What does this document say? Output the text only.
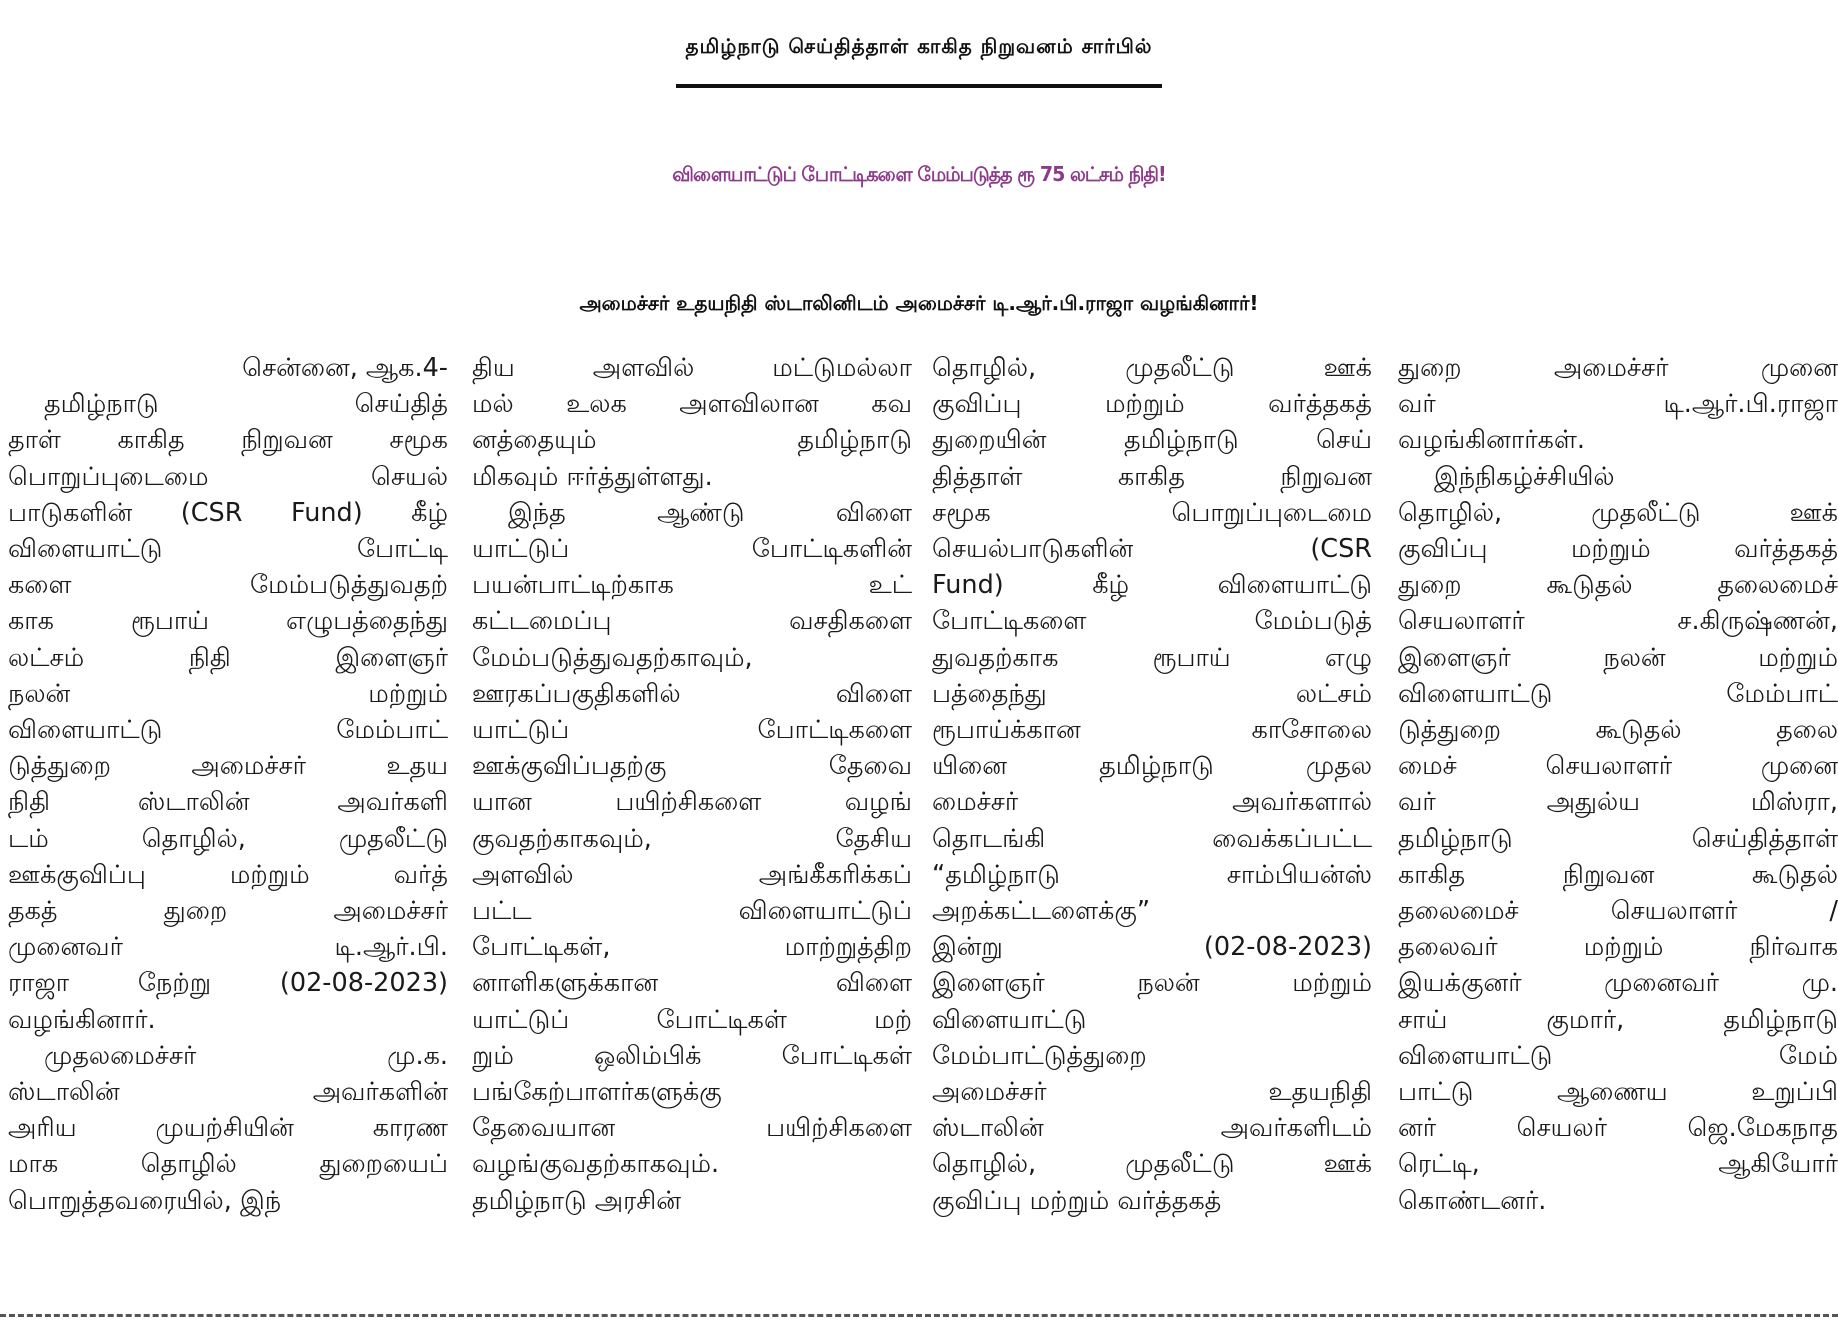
தமிழ்நாடு செய்தித்தாள் காகித நிறுவனம் சார்பில்
விளையாட்டுப் போட்டிகளை மேம்படுத்த ரூ 75 லட்சம் நிதி!
அமைச்சர் உதயநிதி ஸ்டாலினிடம் அமைச்சர் டி.ஆர்.பி.ராஜா வழங்கினார்!

சென்னை, ஆக.4-

தமிழ்நாடு செய்தித்

தாள் காகித நிறுவன சமூக

பொறுப்புடைமை செயல்

பாடுகளின் (CSR Fund) கீழ்

விளையாட்டு போட்டி

களை மேம்படுத்துவதற்

காக ரூபாய் எழுபத்தைந்து

லட்சம் நிதி இளைஞர்

நலன் மற்றும்

விளையாட்டு மேம்பாட்

டுத்துறை அமைச்சர் உதய

நிதி ஸ்டாலின் அவர்களி

டம் தொழில், முதலீட்டு

ஊக்குவிப்பு மற்றும் வர்த்

தகத் துறை அமைச்சர்

முனைவர் டி.ஆர்.பி.

ராஜா நேற்று (02-08-2023)

வழங்கினார்.

முதலமைச்சர் மு.க.

ஸ்டாலின் அவர்களின்

அரிய முயற்சியின் காரண

மாக தொழில் துறையைப்

பொறுத்தவரையில், இந்

திய அளவில் மட்டுமல்லா

மல் உலக அளவிலான கவ

னத்தையும் தமிழ்நாடு

மிகவும் ஈர்த்துள்ளது.

இந்த ஆண்டு விளை

யாட்டுப் போட்டிகளின்

பயன்பாட்டிற்காக உட்

கட்டமைப்பு வசதிகளை

மேம்படுத்துவதற்காவும்,

ஊரகப்பகுதிகளில் விளை

யாட்டுப் போட்டிகளை

ஊக்குவிப்பதற்கு தேவை

யான பயிற்சிகளை வழங்

குவதற்காகவும், தேசிய

அளவில் அங்கீகரிக்கப்

பட்ட விளையாட்டுப்

போட்டிகள், மாற்றுத்திற

னாளிகளுக்கான விளை

யாட்டுப் போட்டிகள் மற்

றும் ஒலிம்பிக் போட்டிகள்

பங்கேற்பாளர்களுக்கு

தேவையான பயிற்சிகளை

வழங்குவதற்காகவும்.

தமிழ்நாடு அரசின்

தொழில், முதலீட்டு ஊக்

குவிப்பு மற்றும் வர்த்தகத்

துறையின் தமிழ்நாடு செய்

தித்தாள் காகித நிறுவன

சமூக பொறுப்புடைமை

செயல்பாடுகளின் (CSR

Fund) கீழ் விளையாட்டு

போட்டிகளை மேம்படுத்

துவதற்காக ரூபாய் எழு

பத்தைந்து லட்சம்

ரூபாய்க்கான காசோலை

யினை தமிழ்நாடு முதல

மைச்சர் அவர்களால்

தொடங்கி வைக்கப்பட்ட

“தமிழ்நாடு சாம்பியன்ஸ்

அறக்கட்டளைக்கு”

இன்று (02-08-2023)

இளைஞர் நலன் மற்றும்

விளையாட்டு

மேம்பாட்டுத்துறை

அமைச்சர் உதயநிதி

ஸ்டாலின் அவர்களிடம்

தொழில், முதலீட்டு ஊக்

குவிப்பு மற்றும் வர்த்தகத்

துறை அமைச்சர் முனை

வர் டி.ஆர்.பி.ராஜா

வழங்கினார்கள்.

இந்நிகழ்ச்சியில்

தொழில், முதலீட்டு ஊக்

குவிப்பு மற்றும் வர்த்தகத்

துறை கூடுதல் தலைமைச்

செயலாளர் ச.கிருஷ்ணன்,

இளைஞர் நலன் மற்றும்

விளையாட்டு மேம்பாட்

டுத்துறை கூடுதல் தலை

மைச் செயலாளர் முனை

வர் அதுல்ய மிஸ்ரா,

தமிழ்நாடு செய்தித்தாள்

காகித நிறுவன கூடுதல்

தலைமைச் செயலாளர் /

தலைவர் மற்றும் நிர்வாக

இயக்குனர் முனைவர் மு.

சாய் குமார், தமிழ்நாடு

விளையாட்டு மேம்

பாட்டு ஆணைய உறுப்பி

னர் செயலர் ஜெ.மேகநாத

ரெட்டி, ஆகியோர்

கொண்டனர்.
